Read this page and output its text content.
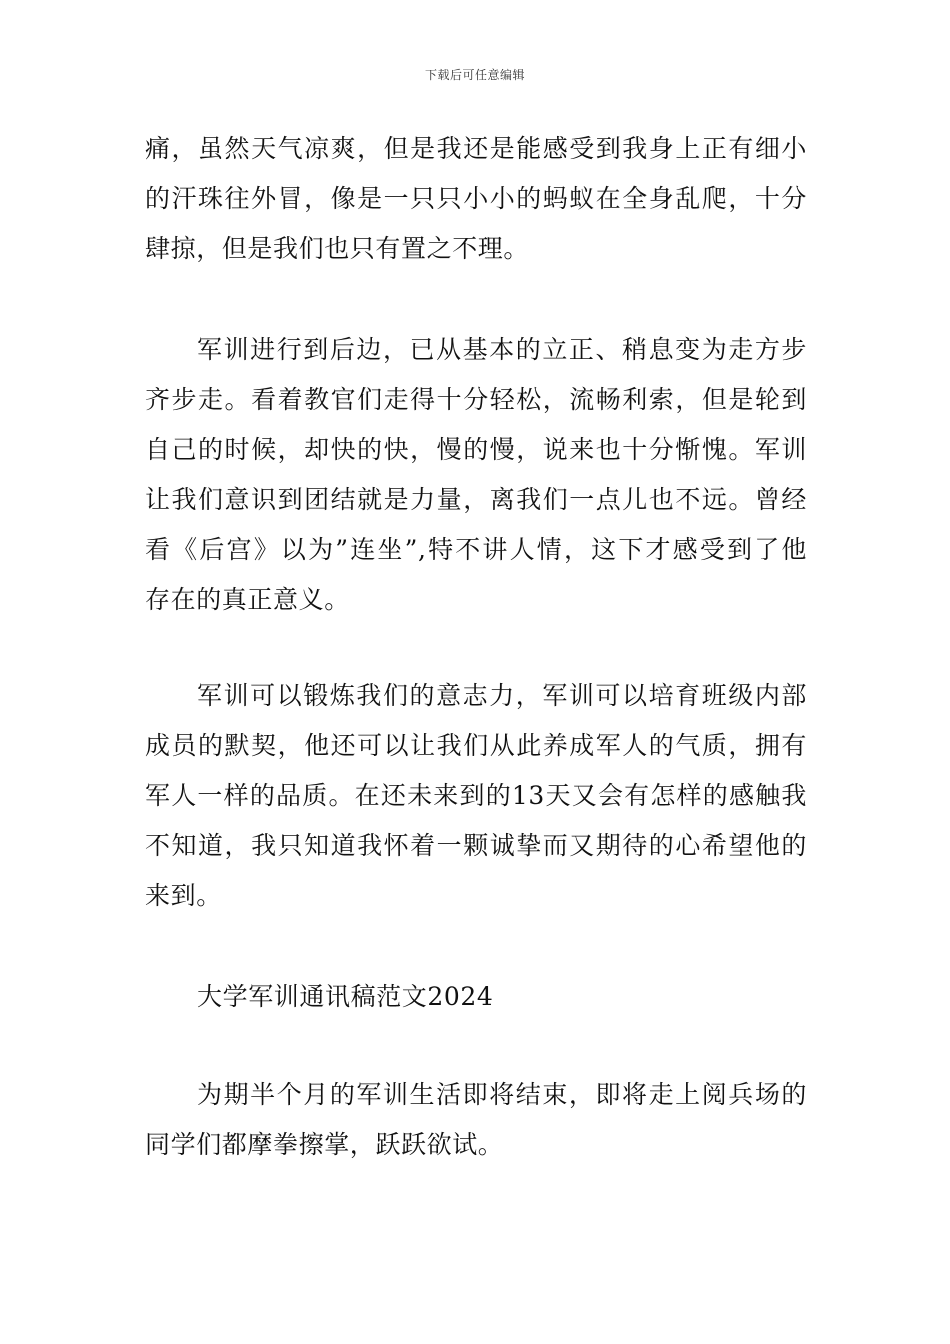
下载后可任意编辑
痛，虽然天气凉爽，但是我还是能感受到我身上正有细小
的汗珠往外冒，像是一只只小小的蚂蚁在全身乱爬，十分
肆掠，但是我们也只有置之不理。
军训进行到后边，已从基本的立正、稍息变为走方步
齐步走。看着教官们走得十分轻松，流畅利索，但是轮到
自己的时候，却快的快，慢的慢，说来也十分惭愧。军训
让我们意识到团结就是力量，离我们一点儿也不远。曾经
看《后宫》以为”连坐”,特不讲人情，这下才感受到了他
存在的真正意义。
军训可以锻炼我们的意志力，军训可以培育班级内部
成员的默契，他还可以让我们从此养成军人的气质，拥有
军人一样的品质。在还未来到的13天又会有怎样的感触我
不知道，我只知道我怀着一颗诚挚而又期待的心希望他的
来到。
大学军训通讯稿范文2024
为期半个月的军训生活即将结束，即将走上阅兵场的
同学们都摩拳擦掌，跃跃欲试。
